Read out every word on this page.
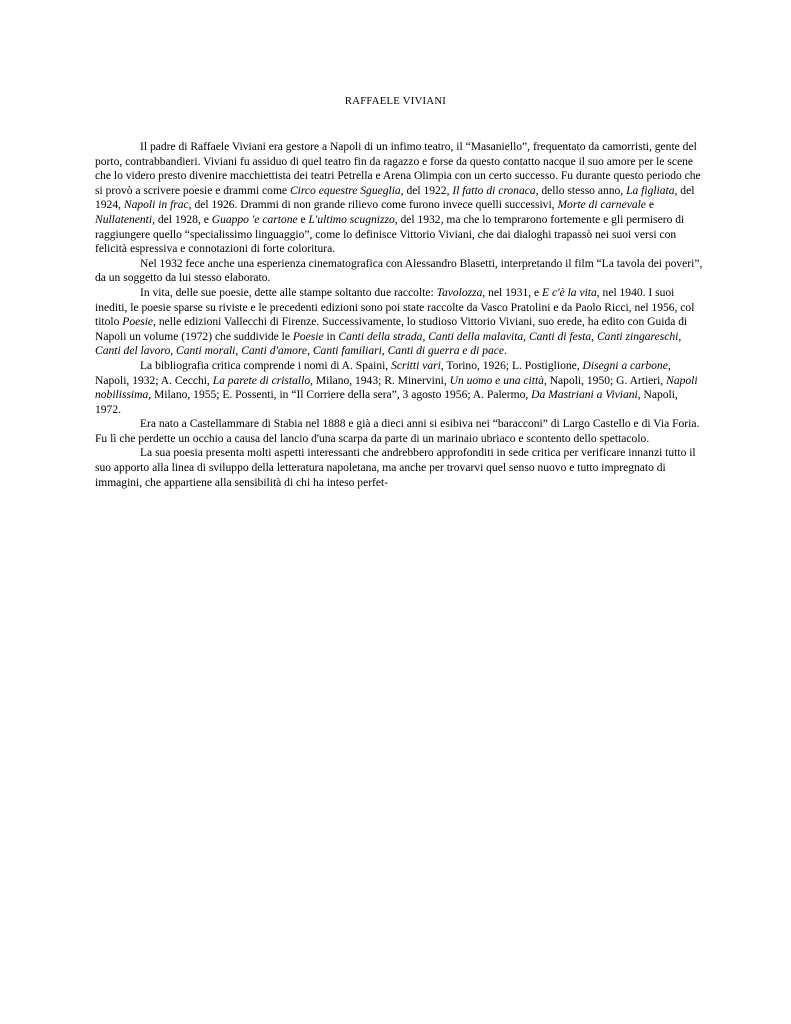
RAFFAELE VIVIANI

Il padre di Raffaele Viviani era gestore a Napoli di un infimo teatro, il “Masaniello”, frequentato da camorristi, gente del porto, contrabbandieri. Viviani fu assiduo di quel teatro fin da ragazzo e forse da questo contatto nacque il suo amore per le scene che lo videro presto divenire macchiettista dei teatri Petrella e Arena Olimpia con un certo successo. Fu durante questo periodo che si provò a scrivere poesie e drammi come Circo equestre Sgueglia, del 1922, Il fatto di cronaca, dello stesso anno, La figliata, del 1924, Napoli in frac, del 1926. Drammi di non grande rilievo come furono invece quelli successivi, Morte di carnevale e Nullatenenti, del 1928, e Guappo 'e cartone e L'ultimo scugnizzo, del 1932, ma che lo temprarono fortemente e gli permisero di raggiungere quello “specialissimo linguaggio”, come lo definisce Vittorio Viviani, che dai dialoghi trapassò nei suoi versi con felicità espressiva e connotazioni di forte coloritura.

Nel 1932 fece anche una esperienza cinematografica con Alessandro Blasetti, interpretando il film “La tavola dei poveri”, da un soggetto da lui stesso elaborato.

In vita, delle sue poesie, dette alle stampe soltanto due raccolte: Tavolozza, nel 1931, e E c'è la vita, nel 1940. I suoi inediti, le poesie sparse su riviste e le precedenti edizioni sono poi state raccolte da Vasco Pratolini e da Paolo Ricci, nel 1956, col titolo Poesie, nelle edizioni Vallecchi di Firenze. Successivamente, lo studioso Vittorio Viviani, suo erede, ha edito con Guida di Napoli un volume (1972) che suddivide le Poesie in Canti della strada, Canti della malavita, Canti di festa, Canti zingareschi, Canti del lavoro, Canti morali, Canti d'amore, Canti familiari, Canti di guerra e di pace.

La bibliografia critica comprende i nomi di A. Spaini, Scritti vari, Torino, 1926; L. Postiglione, Disegni a carbone, Napoli, 1932; A. Cecchi, La parete di cristallo, Milano, 1943; R. Minervini, Un uomo e una città, Napoli, 1950; G. Artieri, Napoli nobilissima, Milano, 1955; E. Possenti, in “Il Corriere della sera”, 3 agosto 1956; A. Palermo, Da Mastriani a Viviani, Napoli, 1972.

Era nato a Castellammare di Stabia nel 1888 e già a dieci anni si esibiva nei “baracconi” di Largo Castello e di Via Foria. Fu lì che perdette un occhio a causa del lancio d'una scarpa da parte di un marinaio ubriaco e scontento dello spettacolo.

La sua poesia presenta molti aspetti interessanti che andrebbero approfonditi in sede critica per verificare innanzi tutto il suo apporto alla linea di sviluppo della letteratura napoletana, ma anche per trovarvi quel senso nuovo e tutto impregnato di immagini, che appartiene alla sensibilità di chi ha inteso perfet-
